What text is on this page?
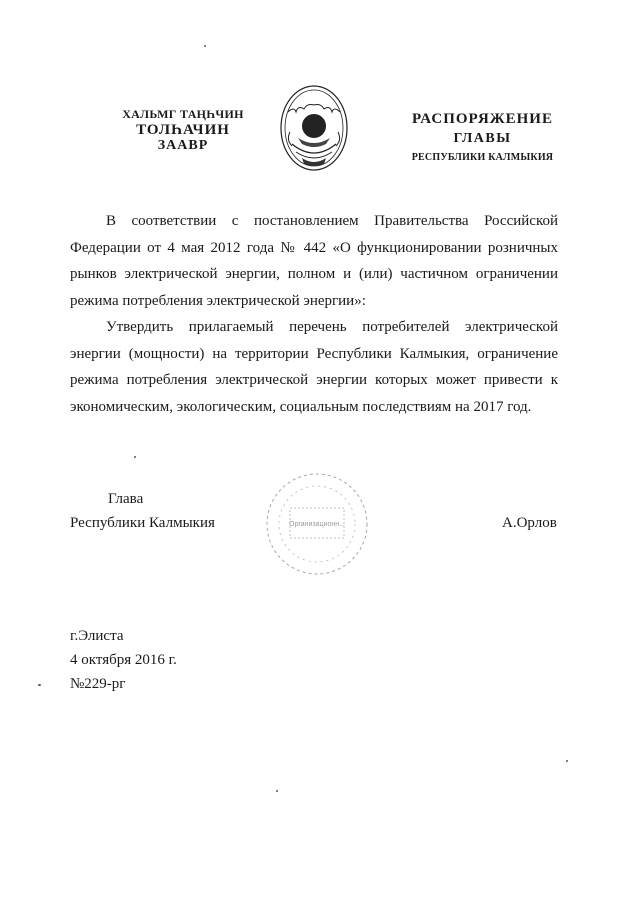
ХАЛЬМГ ТАҢҺЧИН
ТОЛҺАЧИН
ЗААВР
РАСПОРЯЖЕНИЕ
ГЛАВЫ
РЕСПУБЛИКИ КАЛМЫКИЯ

В соответствии с постановлением Правительства Российской Федерации от 4 мая 2012 года № 442 «О функционировании розничных рынков электрической энергии, полном и (или) частичном ограничении режима потребления электрической энергии»:

Утвердить прилагаемый перечень потребителей электрической энергии (мощности) на территории Республики Калмыкия, ограничение режима потребления электрической энергии которых может привести к экономическим, экологическим, социальным последствиям на 2017 год.

Глава
Республики Калмыкия	Организационн...	А.Орлов
г.Элиста
4 октября 2016 г.
№229-рг
